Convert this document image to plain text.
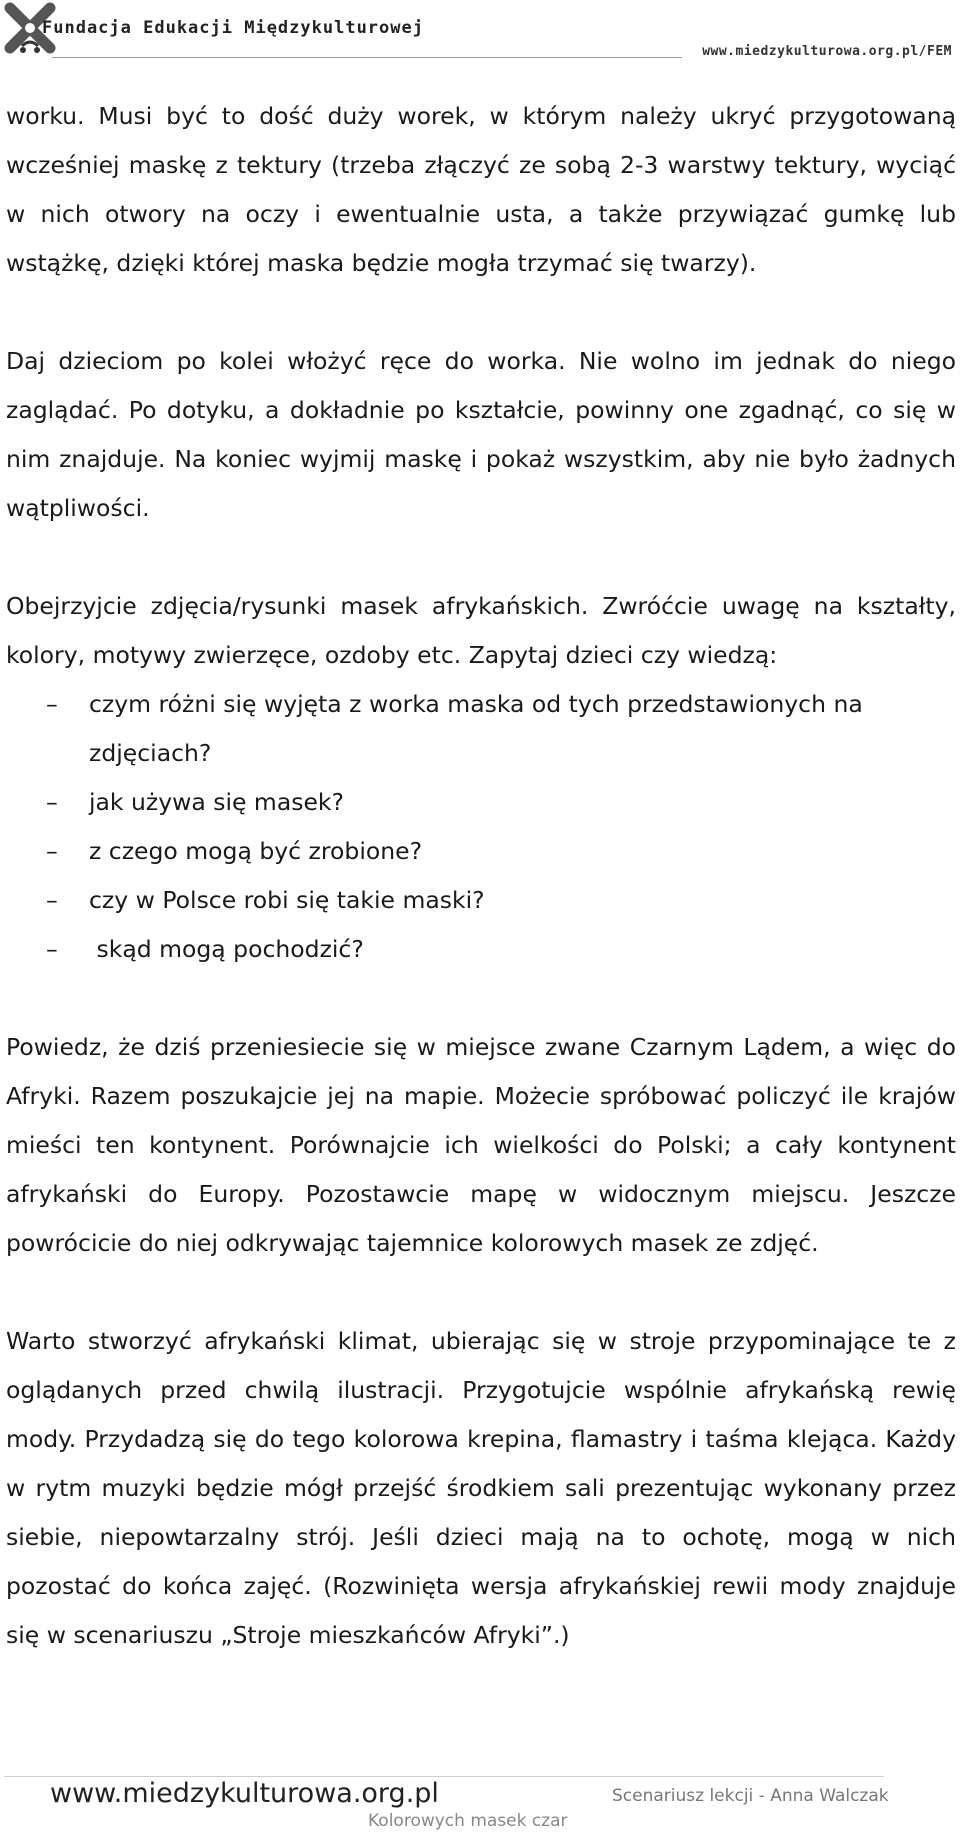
Fundacja Edukacji Międzykulturowej
www.miedzykulturowa.org.pl/FEM

worku. Musi być to dość duży worek, w którym należy ukryć przygotowaną wcześniej maskę z tektury (trzeba złączyć ze sobą 2-3 warstwy tektury, wyciąć w nich otwory na oczy i ewentualnie usta, a także przywiązać gumkę lub wstążkę, dzięki której maska będzie mogła trzymać się twarzy).

Daj dzieciom po kolei włożyć ręce do worka. Nie wolno im jednak do niego zaglądać. Po dotyku, a dokładnie po kształcie, powinny one zgadnąć, co się w nim znajduje. Na koniec wyjmij maskę i pokaż wszystkim, aby nie było żadnych wątpliwości.

Obejrzyjcie zdjęcia/rysunki masek afrykańskich. Zwróćcie uwagę na kształty, kolory, motywy zwierzęce, ozdoby etc. Zapytaj dzieci czy wiedzą:

– czym różni się wyjęta z worka maska od tych przedstawionych na
zdjęciach?
– jak używa się masek?
– z czego mogą być zrobione?
– czy w Polsce robi się takie maski?
– skąd mogą pochodzić?

Powiedz, że dziś przeniesiecie się w miejsce zwane Czarnym Lądem, a więc do Afryki. Razem poszukajcie jej na mapie. Możecie spróbować policzyć ile krajów mieści ten kontynent. Porównajcie ich wielkości do Polski; a cały kontynent afrykański do Europy. Pozostawcie mapę w widocznym miejscu. Jeszcze powrócicie do niej odkrywając tajemnice kolorowych masek ze zdjęć.

Warto stworzyć afrykański klimat, ubierając się w stroje przypominające te z oglądanych przed chwilą ilustracji. Przygotujcie wspólnie afrykańską rewię mody. Przydadzą się do tego kolorowa krepina, flamastry i taśma klejąca. Każdy w rytm muzyki będzie mógł przejść środkiem sali prezentując wykonany przez siebie, niepowtarzalny strój. Jeśli dzieci mają na to ochotę, mogą w nich pozostać do końca zajęć. (Rozwinięta wersja afrykańskiej rewii mody znajduje się w scenariuszu „Stroje mieszkańców Afryki”.)

www.miedzykulturowa.org.pl	Scenariusz lekcji - Anna Walczak
Kolorowych masek czar
